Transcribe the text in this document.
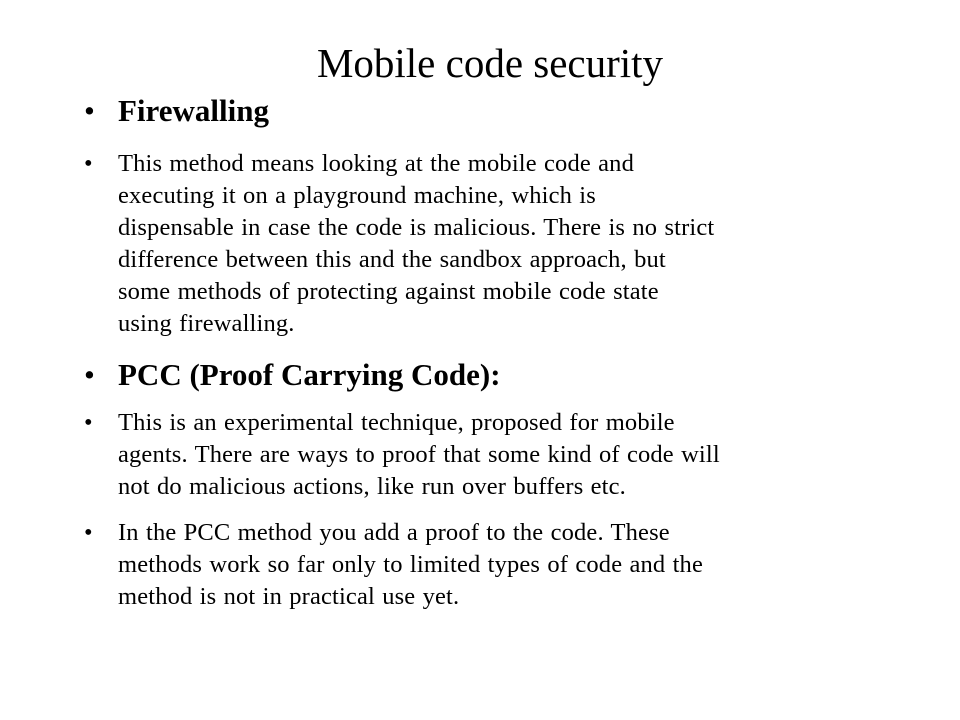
Mobile code security
• Firewalling
• This method means looking at the mobile code and
executing it on a playground machine, which is
dispensable in case the code is malicious. There is no strict
difference between this and the sandbox approach, but
some methods of protecting against mobile code state
using firewalling.
• PCC (Proof Carrying Code):
• This is an experimental technique, proposed for mobile
agents. There are ways to proof that some kind of code will
not do malicious actions, like run over buffers etc.
• In the PCC method you add a proof to the code. These
methods work so far only to limited types of code and the
method is not in practical use yet.
